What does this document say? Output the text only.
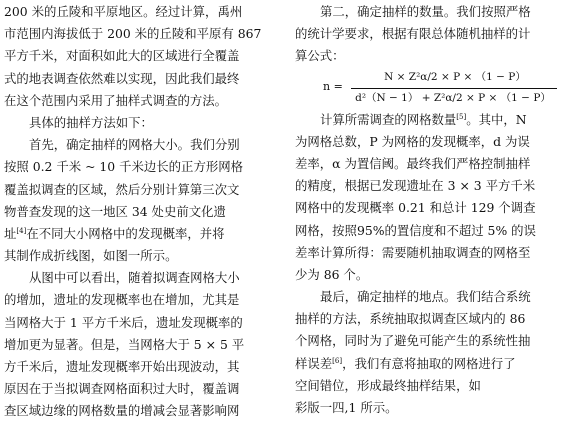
200 米的丘陵和平原地区。经过计算，禹州
市范围内海拔低于 200 米的丘陵和平原有 867
平方千米，对面积如此大的区域进行全覆盖
式的地表调查依然难以实现，因此我们最终
在这个范围内采用了抽样式调查的方法。
具体的抽样方法如下：
首先，确定抽样的网格大小。我们分别
按照 0.2 千米 ~ 10 千米边长的正方形网格
覆盖拟调查的区域，然后分别计算第三次文
物普查发现的这一地区 34 处史前文化遗
址[4]在不同大小网格中的发现概率，并将
其制作成折线图，如图一所示。
从图中可以看出，随着拟调查网格大小
的增加，遗址的发现概率也在增加，尤其是
当网格大于 1 平方千米后，遗址发现概率的
增加更为显著。但是，当网格大于 5 × 5 平
方千米后，遗址发现概率开始出现波动，其
原因在于当拟调查网格面积过大时，覆盖调
查区域边缘的网格数量的增减会显著影响网
第二，确定抽样的数量。我们按照严格
的统计学要求，根据有限总体随机抽样的计
算公式：
n =
N × Z²α/2 × P × （1 − P）
d²（N − 1） + Z²α/2 × P × （1 − P）
计算所需调查的网格数量[5]。其中，N
为网格总数，P 为网格的发现概率，d 为误
差率，α 为置信阈。最终我们严格控制抽样
的精度，根据已发现遗址在 3 × 3 平方千米
网格中的发现概率 0.21 和总计 129 个调查
网格，按照95%的置信度和不超过 5% 的误
差率计算所得：需要随机抽取调查的网格至
少为 86 个。
最后，确定抽样的地点。我们结合系统
抽样的方法，系统抽取拟调查区域内的 86
个网格，同时为了避免可能产生的系统性抽
样误差[6]，我们有意将抽取的网格进行了
空间错位，形成最终抽样结果，如
彩版一四,1 所示。
